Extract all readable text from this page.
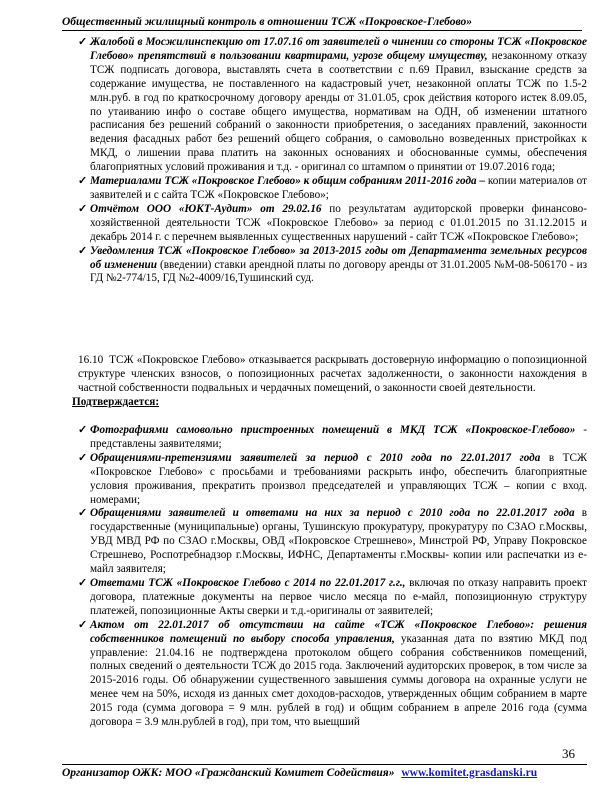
Общественный жилищный контроль в отношении ТСЖ «Покровское-Глебово»
✓ Жалобой в Мосжилинспекцию от 17.07.16 от заявителей о чинении со стороны ТСЖ «Покровское Глебово» препятствий в пользовании квартирами, угрозе общему имуществу, незаконному отказу ТСЖ подписать договора, выставлять счета в соответствии с п.69 Правил, взыскание средств за содержание имущества, не поставленного на кадастровый учет, незаконной оплаты ТСЖ по 1.5-2 млн.руб. в год по краткосрочному договору аренды от 31.01.05, срок действия которого истек 8.09.05, по утаиванию инфо о составе общего имущества, нормативам на ОДН, об изменении штатного расписания без решений собраний о законности приобретения, о заседаниях правлений, законности ведения фасадных работ без решений общего собрания, о самовольно возведенных пристройках к МКД, о лишении права платить на законных основаниях и обоснованные суммы, обеспечения благоприятных условий проживания и т.д. - оригинал со штампом о принятии от 19.07.2016 года;
✓ Материалами ТСЖ «Покровское Глебово» к общим собраниям 2011-2016 года – копии материалов от заявителей и с сайта ТСЖ «Покровское Глебово»;
✓ Отчётом ООО «ЮКТ-Аудит» от 29.02.16 по результатам аудиторской проверки финансово-хозяйственной деятельности ТСЖ «Покровское Глебово» за период с 01.01.2015 по 31.12.2015 и декабрь 2014 г. с перечнем выявленных существенных нарушений - сайт ТСЖ «Покровское Глебово»;
✓ Уведомления ТСЖ «Покровское Глебово» за 2013-2015 годы от Департамента земельных ресурсов об изменении (введении) ставки арендной платы по договору аренды от 31.01.2005 №М-08-506170 - из ГД №2-774/15, ГД №2-4009/16,Тушинский суд.
16.10 ТСЖ «Покровское Глебово» отказывается раскрывать достоверную информацию о попозиционной структуре членских взносов, о попозиционных расчетах задолженности, о законности нахождения в частной собственности подвальных и чердачных помещений, о законности своей деятельности.
Подтверждается:
✓ Фотографиями самовольно пристроенных помещений в МКД ТСЖ «Покровское-Глебово» - представлены заявителями;
✓ Обращениями-претензиями заявителей за период с 2010 года по 22.01.2017 года в ТСЖ «Покровское Глебово» с просьбами и требованиями раскрыть инфо, обеспечить благоприятные условия проживания, прекратить произвол председателей и управляющих ТСЖ – копии с вход. номерами;
✓ Обращениями заявителей и ответами на них за период с 2010 года по 22.01.2017 года в государственные (муниципальные) органы, Тушинскую прокуратуру, прокуратуру по СЗАО г.Москвы, УВД МВД РФ по СЗАО г.Москвы, ОВД «Покровское Стрешнево», Минстрой РФ, Управу Покровское Стрешнево, Роспотребнадзор г.Москвы, ИФНС, Департаменты г.Москвы- копии или распечатки из е-майл заявителя;
✓ Ответами ТСЖ «Покровское Глебово с 2014 по 22.01.2017 г.г., включая по отказу направить проект договора, платежные документы на первое число месяца по е-майл, попозиционную структуру платежей, попозиционные Акты сверки и т.д.-оригиналы от заявителей;
✓ Актом от 22.01.2017 об отсутствии на сайте «ТСЖ «Покровское Глебово»: решения собственников помещений по выбору способа управления, указанная дата по взятию МКД под управление: 21.04.16 не подтверждена протоколом общего собрания собственников помещений, полных сведений о деятельности ТСЖ до 2015 года. Заключений аудиторских проверок, в том числе за 2015-2016 годы. Об обнаружении существенного завышения суммы договора на охранные услуги не менее чем на 50%, исходя из данных смет доходов-расходов, утвержденных общим собранием в марте 2015 года (сумма договора = 9 млн. рублей в год) и общим собранием в апреле 2016 года (сумма договора = 3.9 млн.рублей в год), при том, что выещший
36
Организатор ОЖК: МОО «Гражданский Комитет Содействия» www.komitet.grasdanski.ru
